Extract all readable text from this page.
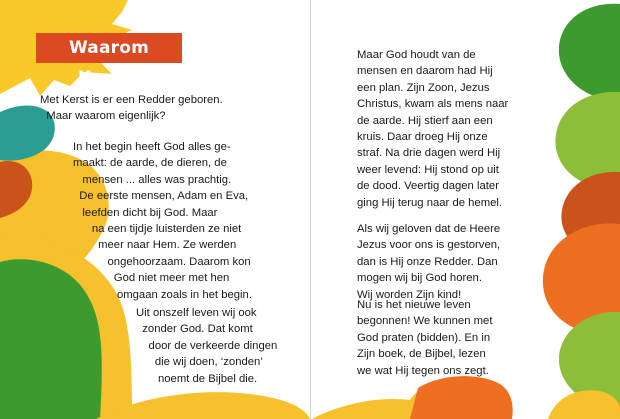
Waarom Kerst?

Met Kerst is er een Redder geboren.
Maar waarom eigenlijk?

In het begin heeft God alles ge-
maakt: de aarde, de dieren, de
mensen ... alles was prachtig.
De eerste mensen, Adam en Eva,
leefden dicht bij God. Maar
na een tijdje luisterden ze niet
meer naar Hem. Ze werden
ongehoorzaam. Daarom kon
God niet meer met hen
omgaan zoals in het begin.

Uit onszelf leven wij ook
zonder God. Dat komt
door de verkeerde dingen
die wij doen, ‘zonden’
noemt de Bijbel die.

Maar God houdt van de
mensen en daarom had Hij
een plan. Zijn Zoon, Jezus
Christus, kwam als mens naar
de aarde. Hij stierf aan een
kruis. Daar droeg Hij onze
straf. Na drie dagen werd Hij
weer levend: Hij stond op uit
de dood. Veertig dagen later
ging Hij terug naar de hemel.

Als wij geloven dat de Heere
Jezus voor ons is gestorven,
dan is Hij onze Redder. Dan
mogen wij bij God horen.
Wij worden Zijn kind!

Nu is het nieuwe leven
begonnen! We kunnen met
God praten (bidden). En in
Zijn boek, de Bijbel, lezen
we wat Hij tegen ons zegt.
